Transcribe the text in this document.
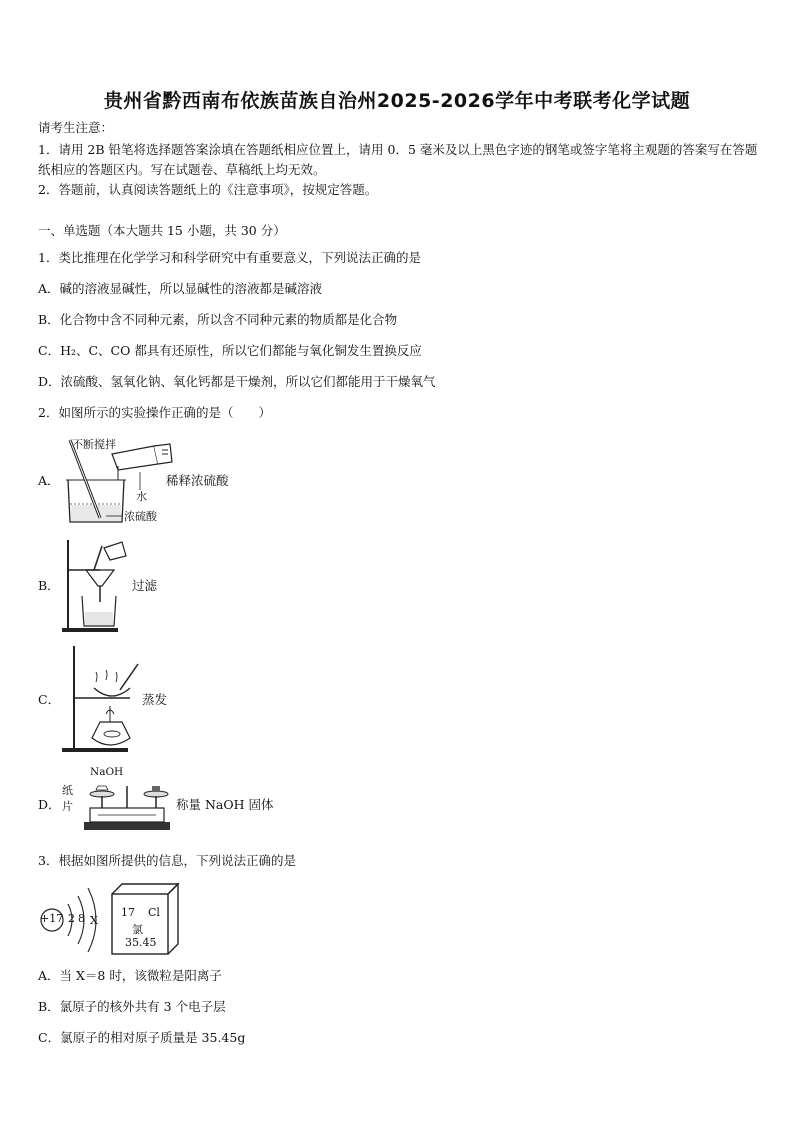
贵州省黔西南布依族苗族自治州2025-2026学年中考联考化学试题
请考生注意：
1．请用 2B 铅笔将选择题答案涂填在答题纸相应位置上，请用 0．5 毫米及以上黑色字迹的钢笔或签字笔将主观题的答案写在答题纸相应的答题区内。写在试题卷、草稿纸上均无效。
2．答题前，认真阅读答题纸上的《注意事项》，按规定答题。
一、单选题（本大题共 15 小题，共 30 分）
1．类比推理在化学学习和科学研究中有重要意义，下列说法正确的是
A．碱的溶液显碱性，所以显碱性的溶液都是碱溶液
B．化合物中含不同种元素，所以含不同种元素的物质都是化合物
C．H₂、C、CO 都具有还原性，所以它们都能与氧化铜发生置换反应
D．浓硫酸、氢氧化钠、氧化钙都是干燥剂，所以它们都能用于干燥氧气
2．如图所示的实验操作正确的是（　　）
A．
不断搅拌
水
浓硫酸
稀释浓硫酸
B．	过滤
C．	蒸发
D．
纸
片
NaOH
称量 NaOH 固体
3．根据如图所提供的信息，下列说法正确的是
+17 2 8 X
17 Cl
氯
35.45
A．当 X＝8 时，该微粒是阳离子
B．氯原子的核外共有 3 个电子层
C．氯原子的相对原子质量是 35.45g
